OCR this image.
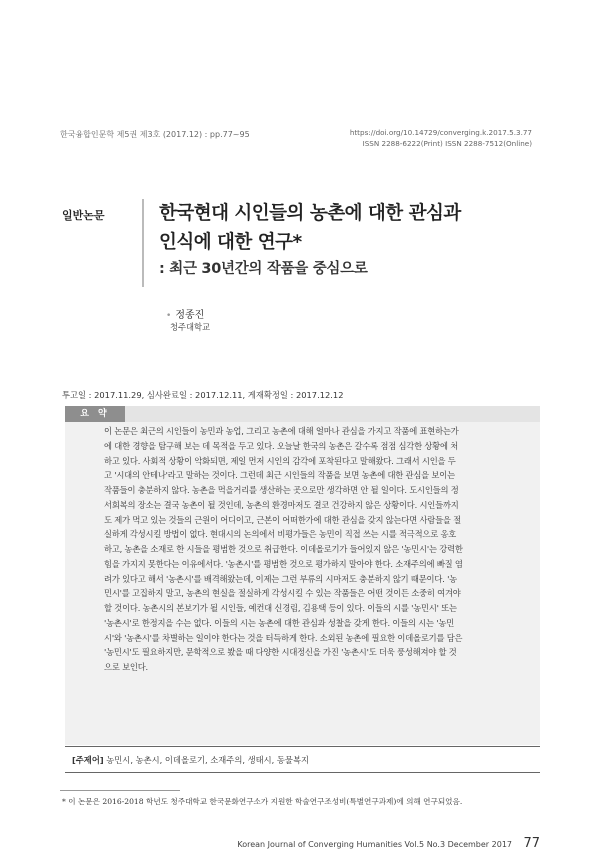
한국융합인문학 제5권 제3호 (2017.12) : pp.77~95	https://doi.org/10.14729/converging.k.2017.5.3.77
ISSN 2288-6222(Print) ISSN 2288-7512(Online)
일반논문	한국현대 시인들의 농촌에 대한 관심과
인식에 대한 연구*
: 최근 30년간의 작품을 중심으로
• 정종진
청주대학교
투고일 : 2017.11.29, 심사완료일 : 2017.12.11, 게재확정일 : 2017.12.12
요 약
이 논문은 최근의 시인들이 농민과 농업, 그리고 농촌에 대해 얼마나 관심을 가지고 작품에 표현하는가
에 대한 경향을 탐구해 보는 데 목적을 두고 있다. 오늘날 한국의 농촌은 갈수록 점점 심각한 상황에 처
하고 있다. 사회적 상황이 악화되면, 제일 먼저 시인의 감각에 포착된다고 말해왔다. 그래서 시인을 두
고 '시대의 안테나'라고 말하는 것이다. 그런데 최근 시인들의 작품을 보면 농촌에 대한 관심을 보이는
작품들이 충분하지 않다. 농촌을 먹을거리를 생산하는 곳으로만 생각하면 안 될 일이다. 도시인들의 정
서회복의 장소는 결국 농촌이 될 것인데, 농촌의 환경마저도 결코 건강하지 않은 상황이다. 시인들까지
도 제가 먹고 있는 것들의 근원이 어디이고, 근본이 어떠한가에 대한 관심을 갖지 않는다면 사람들을 절
실하게 각성시킬 방법이 없다. 현대시의 논의에서 비평가들은 농민이 직접 쓰는 시를 적극적으로 옹호
하고, 농촌을 소재로 한 시들을 평범한 것으로 취급한다. 이데올로기가 들어있지 않은 '농민시'는 강력한
힘을 가지지 못한다는 이유에서다. '농촌시'를 평범한 것으로 평가하지 말아야 한다. 소재주의에 빠질 염
려가 있다고 해서 '농촌시'를 배격해왔는데, 이제는 그런 부류의 시마저도 충분하지 않기 때문이다. '농
민시'를 고집하지 말고, 농촌의 현실을 절실하게 각성시킬 수 있는 작품들은 어떤 것이든 소중히 여겨야
할 것이다. 농촌시의 본보기가 될 시인들, 예컨대 신경림, 김용택 등이 있다. 이들의 시를 '농민시' 또는
'농촌시'로 한정지을 수는 없다. 이들의 시는 농촌에 대한 관심과 성찰을 갖게 한다. 이들의 시는 '농민
시'와 '농촌시'를 차별하는 일이야 한다는 것을 터득하게 한다. 소외된 농촌에 필요한 이데올로기를 담은
'농민시'도 필요하지만, 문학적으로 봤을 때 다양한 시대정신을 가진 '농촌시'도 더욱 풍성해져야 할 것
으로 보인다.
[주제어] 농민시, 농촌시, 이데올로기, 소재주의, 생태시, 동물복지
* 이 논문은 2016-2018 학년도 청주대학교 한국문화연구소가 지원한 학술연구조성비(특별연구과제)에 의해 연구되었음.
Korean Journal of Converging Humanities Vol.5 No.3 December 2017 77
